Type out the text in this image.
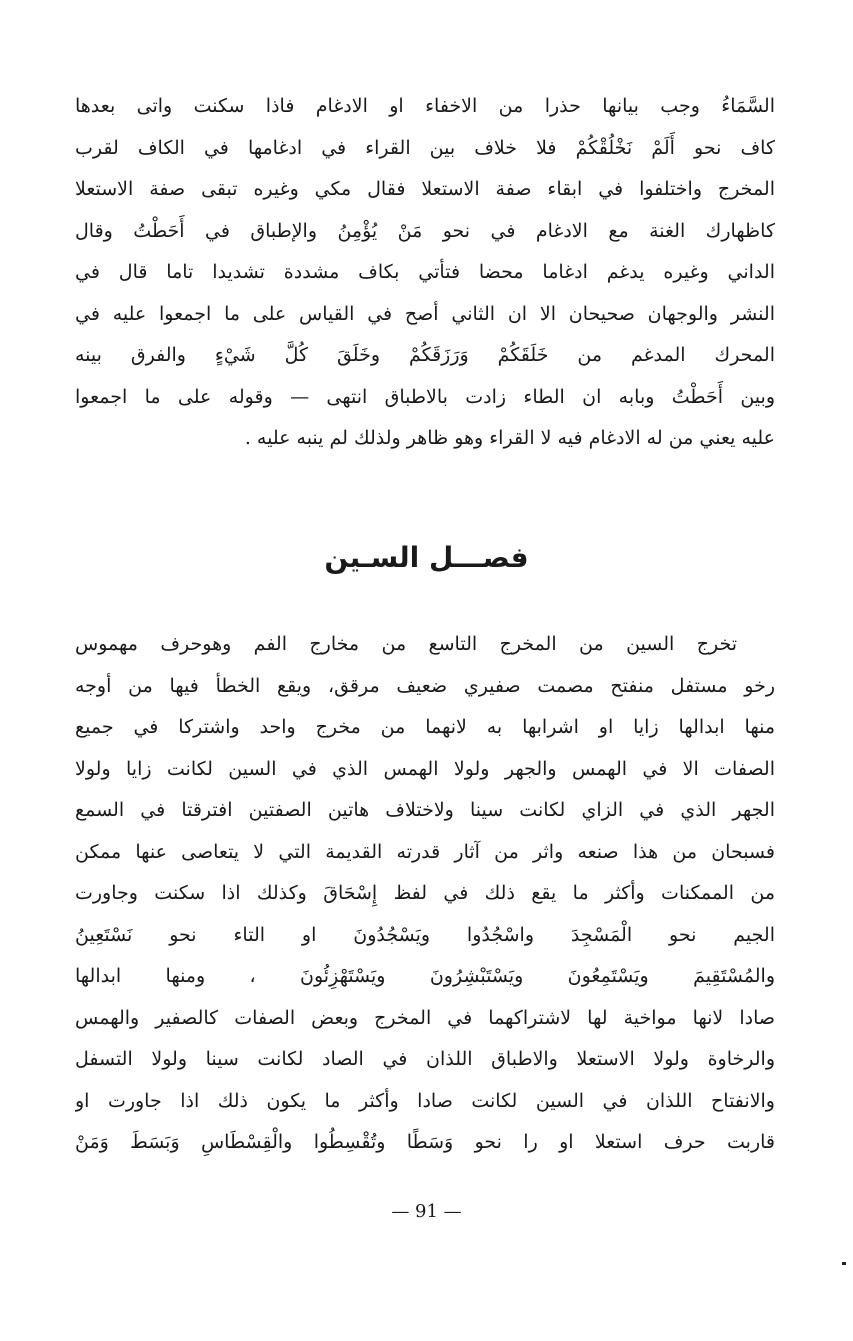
السَّمَاءُ وجب بيانها حذرا من الاخفاء او الادغام فاذا سكنت واتى بعدها
كاف نحو أَلَمْ نَخْلُقْكُمْ فلا خلاف بين القراء في ادغامها في الكاف لقرب
المخرج واختلفوا في ابقاء صفة الاستعلا فقال مكي وغيره تبقى صفة الاستعلا
كاظهارك الغنة مع الادغام في نحو مَنْ يُؤْمِنُ والإطباق في أَحَطْتُ وقال
الداني وغيره يدغم ادغاما محضا فتأتي بكاف مشددة تشديدا تاما قال في
النشر والوجهان صحيحان الا ان الثاني أصح في القياس على ما اجمعوا عليه في
المحرك المدغم من خَلَقَكُمْ وَرَزَقَكُمْ وخَلَقَ كُلَّ شَيْءٍ والفرق بينه
وبين أَحَطْتُ وبابه ان الطاء زادت بالاطباق انتهى — وقوله على ما اجمعوا
عليه يعني من له الادغام فيه لا القراء وهو ظاهر ولذلك لم ينبه عليه .
فصـــل السـين
تخرج السين من المخرج التاسع من مخارج الفم وهوحرف مهموس
رخو مستفل منفتح مصمت صفيري ضعيف مرقق، ويقع الخطأ فيها من أوجه
منها ابدالها زايا او اشرابها به لانهما من مخرج واحد واشتركا في جميع
الصفات الا في الهمس والجهر ولولا الهمس الذي في السين لكانت زايا ولولا
الجهر الذي في الزاي لكانت سينا ولاختلاف هاتين الصفتين افترقتا في السمع
فسبحان من هذا صنعه واثر من آثار قدرته القديمة التي لا يتعاصى عنها ممكن
من الممكنات وأكثر ما يقع ذلك في لفظ إِسْحَاقَ وكذلك اذا سكنت وجاورت
الجيم نحو الْمَسْجِدَ واسْجُدُوا ويَسْجُدُونَ او التاء نحو نَسْتَعِينُ
والمُسْتَقِيمَ ويَسْتَمِعُونَ ويَسْتَبْشِرُونَ ويَسْتَهْزِئُونَ ، ومنها ابدالها
صادا لانها مواخية لها لاشتراكهما في المخرج وبعض الصفات كالصفير والهمس
والرخاوة ولولا الاستعلا والاطباق اللذان في الصاد لكانت سينا ولولا التسفل
والانفتاح اللذان في السين لكانت صادا وأكثر ما يكون ذلك اذا جاورت او
قاربت حرف استعلا او را نحو وَسَطًا وتُقْسِطُوا والْقِسْطَاسِ وَبَسَطَ وَمَنْ
— 91 —
